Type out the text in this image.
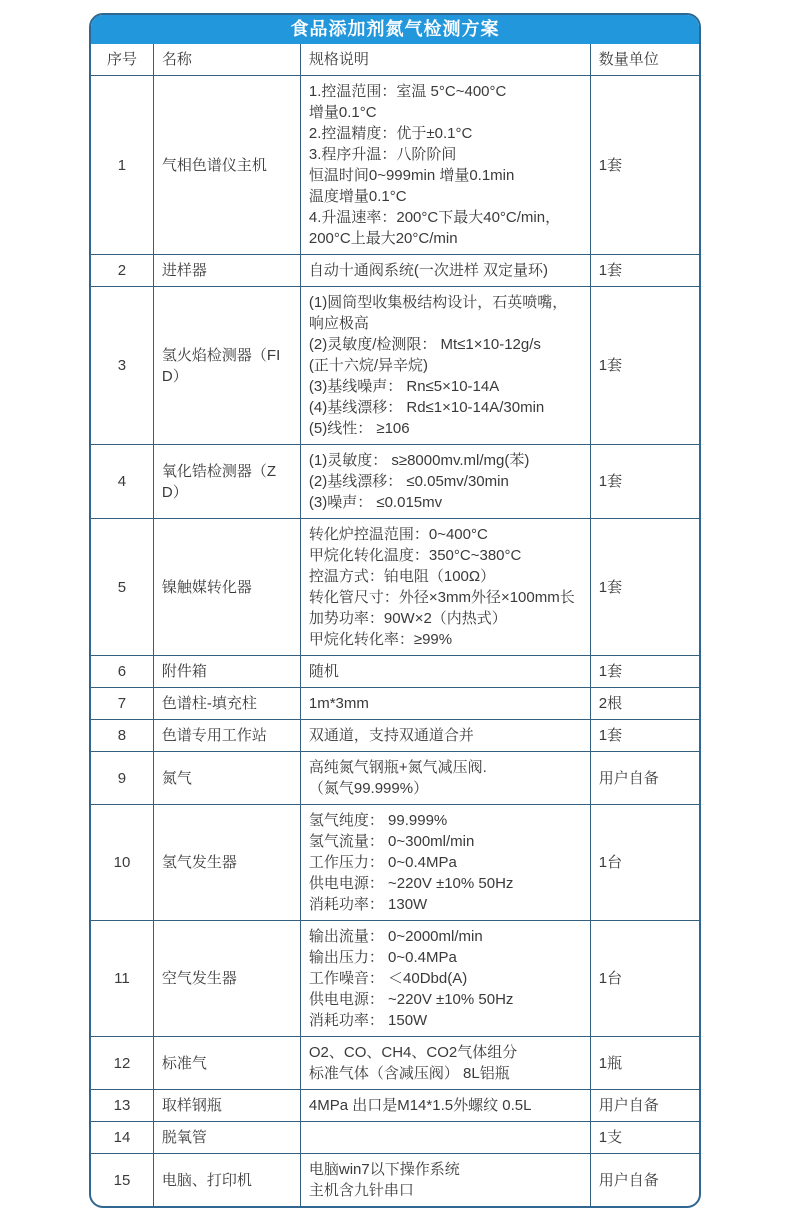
食品添加剂氮气检测方案
序号	名称	规格说明	数量单位
1	气相色谱仪主机	
1.控温范围：室温 5°C~400°C
增量0.1°C
2.控温精度：优于±0.1°C
3.程序升温：八阶阶间
恒温时间0~999min 增量0.1min
温度增量0.1°C
4.升温速率：200°C下最大40°C/min，
200°C上最大20°C/min
	1套
2	进样器	自动十通阀系统(一次进样 双定量环)	1套
3	氢火焰检测器（FID）	
(1)圆筒型收集极结构设计，石英喷嘴，
响应极高
(2)灵敏度/检测限： Mt≤1×10-12g/s
(正十六烷/异辛烷)
(3)基线噪声： Rn≤5×10-14A
(4)基线漂移： Rd≤1×10-14A/30min
(5)线性： ≥106
	1套
4	氧化锆检测器（ZD）	(1)灵敏度： s≥8000mv.ml/mg(苯)
(2)基线漂移： ≤0.05mv/30min
(3)噪声： ≤0.015mv	1套
5	镍触媒转化器	
转化炉控温范围：0~400°C
甲烷化转化温度：350°C~380°C
控温方式：铂电阻（100Ω）
转化管尺寸：外径×3mm外径×100mm长
加势功率：90W×2（内热式）
甲烷化转化率：≥99%
	1套
6	附件箱	随机	1套
7	色谱柱-填充柱	1m*3mm	2根
8	色谱专用工作站	双通道，支持双通道合并	1套
9	氮气	高纯氮气钢瓶+氮气减压阀.
（氮气99.999%）	用户自备
10	氢气发生器	氢气纯度： 99.999%
氢气流量： 0~300ml/min
工作压力： 0~0.4MPa
供电电源： ~220V ±10% 50Hz
消耗功率： 130W	1台
11	空气发生器	输出流量： 0~2000ml/min
输出压力： 0~0.4MPa
工作噪音： ＜40Dbd(A)
供电电源： ~220V ±10% 50Hz
消耗功率： 150W	1台
12	标准气	O2、CO、CH4、CO2气体组分
标准气体（含减压阀） 8L铝瓶	1瓶
13	取样钢瓶	4MPa 出口是M14*1.5外螺纹 0.5L	用户自备
14	脱氧管		1支
15	电脑、打印机	电脑win7以下操作系统
主机含九针串口	用户自备
